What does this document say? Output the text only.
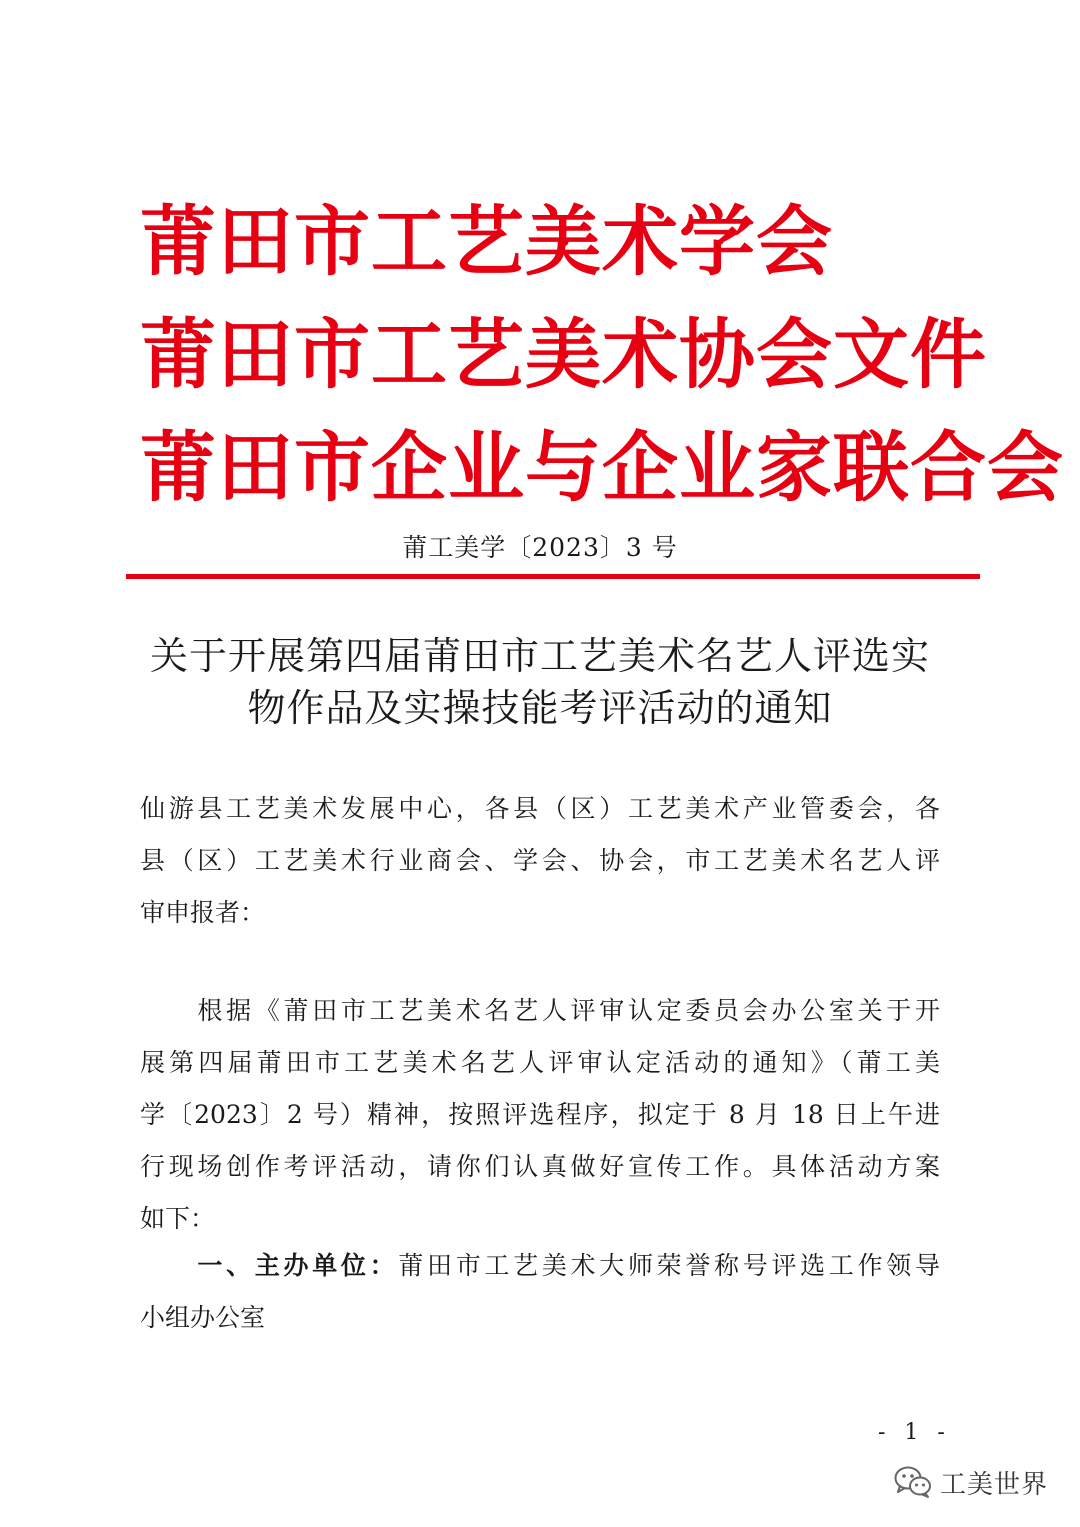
莆田市工艺美术学会
莆田市工艺美术协会文件
莆田市企业与企业家联合会
莆工美学〔2023〕3 号
关于开展第四届莆田市工艺美术名艺人评选实
物作品及实操技能考评活动的通知
仙游县工艺美术发展中心，各县（区）工艺美术产业管委会，各
县（区）工艺美术行业商会、学会、协会，市工艺美术名艺人评
审申报者：
　　根据《莆田市工艺美术名艺人评审认定委员会办公室关于开
展第四届莆田市工艺美术名艺人评审认定活动的通知》（莆工美
学〔2023〕2 号）精神，按照评选程序，拟定于 8 月 18 日上午进
行现场创作考评活动，请你们认真做好宣传工作。具体活动方案
如下：
　　一、主办单位：莆田市工艺美术大师荣誉称号评选工作领导
小组办公室
- 1 -
工美世界
